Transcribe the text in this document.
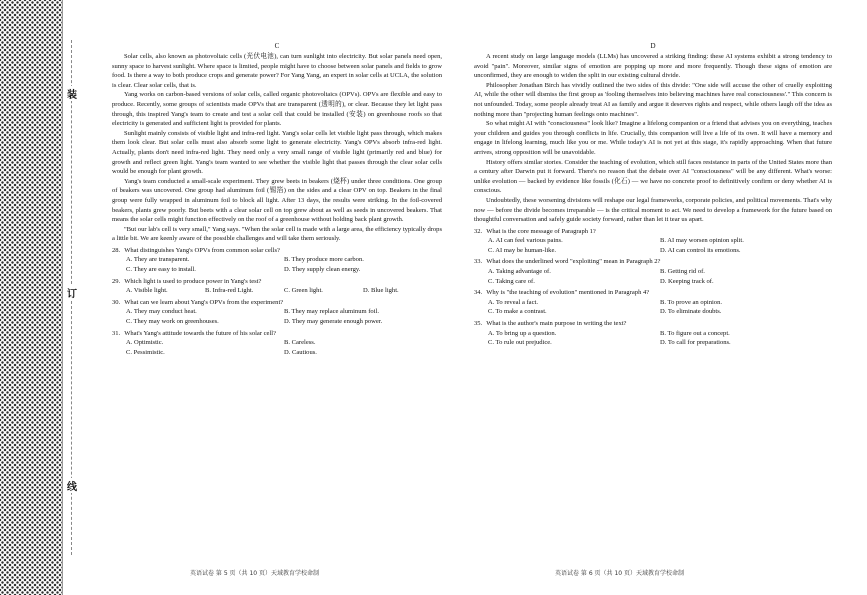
装
订
线
C

Solar cells, also known as photovoltaic cells (光伏电池), can turn sunlight into electricity. But solar panels need open, sunny space to harvest sunlight. Where space is limited, people might have to choose between solar panels and fields to grow food. Is there a way to both produce crops and generate power? For Yang Yang, an expert in solar cells at UCLA, the solution is clear. Clear solar cells, that is.

Yang works on carbon-based versions of solar cells, called organic photovoltaics (OPVs). OPVs are flexible and easy to produce. Recently, some groups of scientists made OPVs that are transparent (透明的), or clear. Because they let light pass through, this inspired Yang's team to create and test a solar cell that could be installed (安装) on greenhouse roofs so that electricity is generated and sufficient light is provided for plants.

Sunlight mainly consists of visible light and infra-red light. Yang's solar cells let visible light pass through, which makes them look clear. But solar cells must also absorb some light to generate electricity. Yang's OPVs absorb infra-red light. Actually, plants don't need infra-red light. They need only a very small range of visible light (primarily red and blue) for growth and reflect green light. Yang's team wanted to see whether the visible light that passes through the clear solar cells would be enough for plant growth.

Yang's team conducted a small-scale experiment. They grew beets in beakers (烧杯) under three conditions. One group of beakers was uncovered. One group had aluminum foil (锡箔) on the sides and a clear OPV on top. Beakers in the final group were fully wrapped in aluminum foil to block all light. After 13 days, the results were striking. In the foil-covered beakers, plants grew poorly. But beets with a clear solar cell on top grew about as well as seeds in uncovered beakers. That means the solar cells might function effectively on the roof of a greenhouse without holding back plant growth.

"But our lab's cell is very small," Yang says. "When the solar cell is made with a large area, the efficiency typically drops a little bit. We are keenly aware of the possible challenges and will take them seriously.

28. What distinguishes Yang's OPVs from common solar cells?
A. They are transparent.	B. They produce more carbon.
C. They are easy to install.	D. They supply clean energy.
29. Which light is used to produce power in Yang's test?
A. Visible light.	B. Infra-red Light.	C. Green light.	D. Blue light.
30. What can we learn about Yang's OPVs from the experiment?
A. They may conduct heat.	B. They may replace aluminum foil.
C. They may work on greenhouses.	D. They may generate enough power.
31. What's Yang's attitude towards the future of his solar cell?
A. Optimistic.	B. Careless.
C. Pessimistic.	D. Cautious.
D

A recent study on large language models (LLMs) has uncovered a striking finding: these AI systems exhibit a strong tendency to avoid "pain". Moreover, similar signs of emotion are popping up more and more frequently. Though these signs of emotion are unconfirmed, they are enough to widen the split in our existing cultural divide.

Philosopher Jonathan Birch has vividly outlined the two sides of this divide: "One side will accuse the other of cruelly exploiting AI, while the other will dismiss the first group as 'fooling themselves into believing machines have real consciousness'." This concern is not unfounded. Today, some people already treat AI as family and argue it deserves rights and respect, while others laugh off the idea as nothing more than "projecting human feelings onto machines".

So what might AI with "consciousness" look like? Imagine a lifelong companion or a friend that advises you on everything, teaches your children and guides you through conflicts in life. Crucially, this companion will live a life of its own. It will have a memory and engage in lifelong learning, much like you or me. While today's AI is not yet at this stage, it's rapidly approaching. When that future arrives, strong opposition will be unavoidable.

History offers similar stories. Consider the teaching of evolution, which still faces resistance in parts of the United States more than a century after Darwin put it forward. There's no reason that the debate over AI "consciousness" will be any different. What's worse: unlike evolution — backed by evidence like fossils (化石) — we have no concrete proof to definitively confirm or deny whether AI is conscious.

Undoubtedly, these worsening divisions will reshape our legal frameworks, corporate policies, and political movements. That's why now — before the divide becomes irreparable — is the critical moment to act. We need to develop a framework for the future based on thoughtful conversation and safely guide society forward, rather than let it tear us apart.

32. What is the core message of Paragraph 1?
A. AI can feel various pains.	B. AI may worsen opinion split.
C. AI may be human-like.	D. AI can control its emotions.
33. What does the underlined word "exploiting" mean in Paragraph 2?
A. Taking advantage of.	B. Getting rid of.
C. Taking care of.	D. Keeping track of.
34. Why is "the teaching of evolution" mentioned in Paragraph 4?
A. To reveal a fact.	B. To prove an opinion.
C. To make a contrast.	D. To eliminate doubts.
35. What is the author's main purpose in writing the text?
A. To bring up a question.	B. To figure out a concept.
C. To rule out prejudice.	D. To call for preparations.
英语试卷 第 5 页（共 10 页）天域教育学校命制	英语试卷 第 6 页（共 10 页）天域教育学校命制
